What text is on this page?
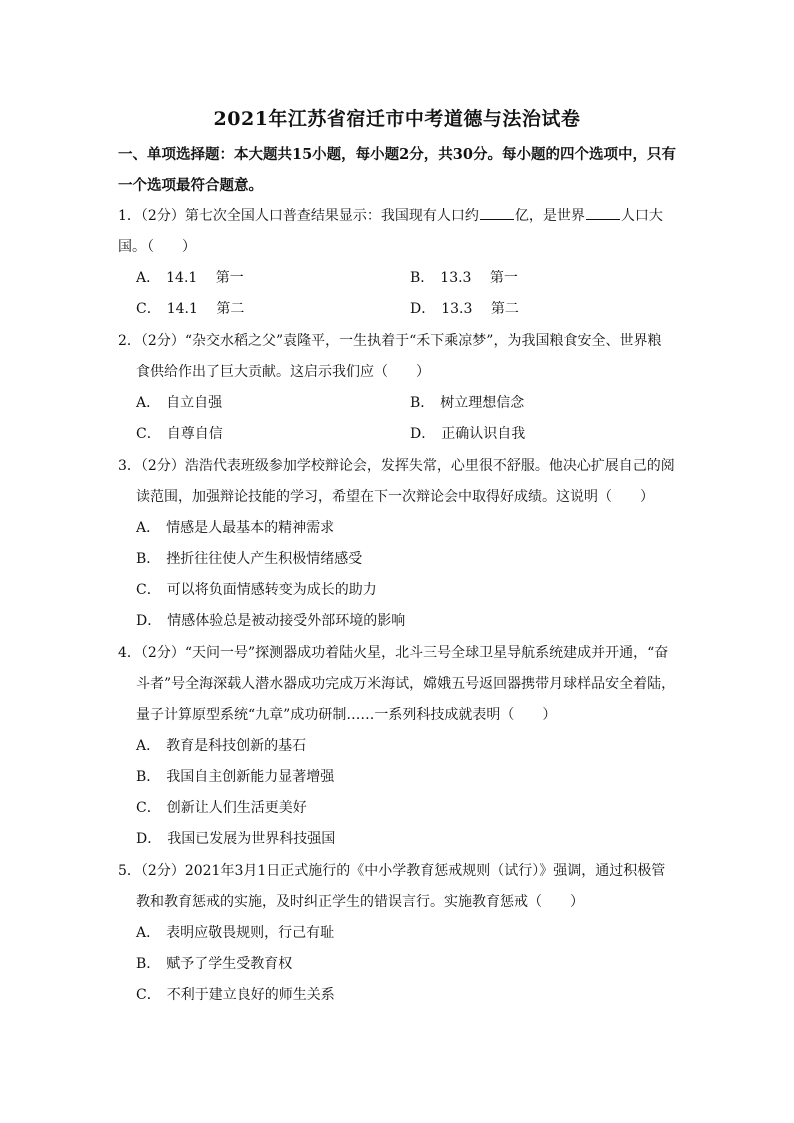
2021年江苏省宿迁市中考道德与法治试卷
一、单项选择题：本大题共15小题，每小题2分，共30分。每小题的四个选项中，只有
一个选项最符合题意。
1．（2分）第七次全国人口普查结果显示：我国现有人口约	亿，是世界	人口大国。
（　　）
A． 14.1　 第一	B． 13.3　 第一
C． 14.1　 第二	D． 13.3　 第二
2．（2分）“杂交水稻之父”袁隆平，一生执着于“禾下乘凉梦”，为我国粮食安全、世界粮
食供给作出了巨大贡献。这启示我们应（　　）
A． 自立自强	B． 树立理想信念
C． 自尊自信	D． 正确认识自我
3．（2分）浩浩代表班级参加学校辩论会，发挥失常，心里很不舒服。他决心扩展自己的阅
读范围，加强辩论技能的学习，希望在下一次辩论会中取得好成绩。这说明（　　）
A． 情感是人最基本的精神需求
B． 挫折往往使人产生积极情绪感受
C． 可以将负面情感转变为成长的助力
D． 情感体验总是被动接受外部环境的影响
4．（2分）“天问一号”探测器成功着陆火星，北斗三号全球卫星导航系统建成并开通，“奋
斗者”号全海深载人潜水器成功完成万米海试，嫦娥五号返回器携带月球样品安全着陆，
量子计算原型系统“九章”成功研制……一系列科技成就表明（　　）
A． 教育是科技创新的基石
B． 我国自主创新能力显著增强
C． 创新让人们生活更美好
D． 我国已发展为世界科技强国
5．（2分）2021年3月1日正式施行的《中小学教育惩戒规则（试行）》强调，通过积极管
教和教育惩戒的实施，及时纠正学生的错误言行。实施教育惩戒（　　）
A． 表明应敬畏规则，行己有耻
B． 赋予了学生受教育权
C． 不利于建立良好的师生关系
